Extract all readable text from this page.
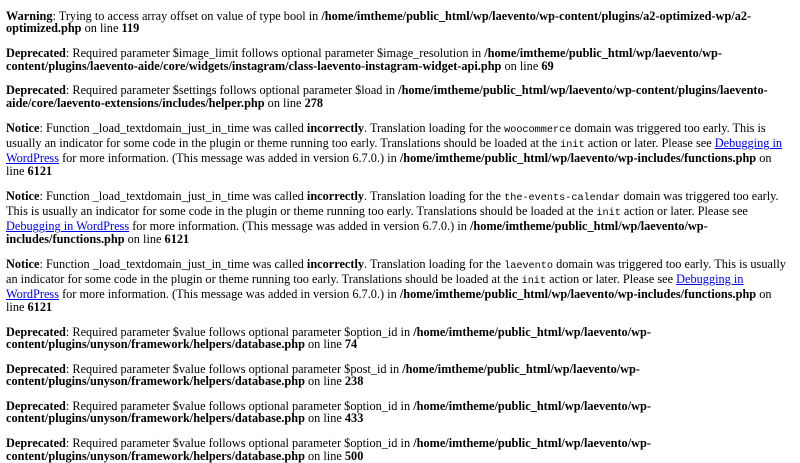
Warning: Trying to access array offset on value of type bool in /home/imtheme/public_html/wp/laevento/wp-content/plugins/a2-optimized-wp/a2-optimized.php on line 119

Deprecated: Required parameter $image_limit follows optional parameter $image_resolution in /home/imtheme/public_html/wp/laevento/wp-content/plugins/laevento-aide/core/widgets/instagram/class-laevento-instagram-widget-api.php on line 69

Deprecated: Required parameter $settings follows optional parameter $load in /home/imtheme/public_html/wp/laevento/wp-content/plugins/laevento-aide/core/laevento-extensions/includes/helper.php on line 278

Notice: Function _load_textdomain_just_in_time was called incorrectly. Translation loading for the woocommerce domain was triggered too early. This is usually an indicator for some code in the plugin or theme running too early. Translations should be loaded at the init action or later. Please see Debugging in WordPress for more information. (This message was added in version 6.7.0.) in /home/imtheme/public_html/wp/laevento/wp-includes/functions.php on line 6121

Notice: Function _load_textdomain_just_in_time was called incorrectly. Translation loading for the the-events-calendar domain was triggered too early. This is usually an indicator for some code in the plugin or theme running too early. Translations should be loaded at the init action or later. Please see Debugging in WordPress for more information. (This message was added in version 6.7.0.) in /home/imtheme/public_html/wp/laevento/wp-includes/functions.php on line 6121

Notice: Function _load_textdomain_just_in_time was called incorrectly. Translation loading for the laevento domain was triggered too early. This is usually an indicator for some code in the plugin or theme running too early. Translations should be loaded at the init action or later. Please see Debugging in WordPress for more information. (This message was added in version 6.7.0.) in /home/imtheme/public_html/wp/laevento/wp-includes/functions.php on line 6121

Deprecated: Required parameter $value follows optional parameter $option_id in /home/imtheme/public_html/wp/laevento/wp-content/plugins/unyson/framework/helpers/database.php on line 74

Deprecated: Required parameter $value follows optional parameter $post_id in /home/imtheme/public_html/wp/laevento/wp-content/plugins/unyson/framework/helpers/database.php on line 238

Deprecated: Required parameter $value follows optional parameter $option_id in /home/imtheme/public_html/wp/laevento/wp-content/plugins/unyson/framework/helpers/database.php on line 433

Deprecated: Required parameter $value follows optional parameter $option_id in /home/imtheme/public_html/wp/laevento/wp-content/plugins/unyson/framework/helpers/database.php on line 500
